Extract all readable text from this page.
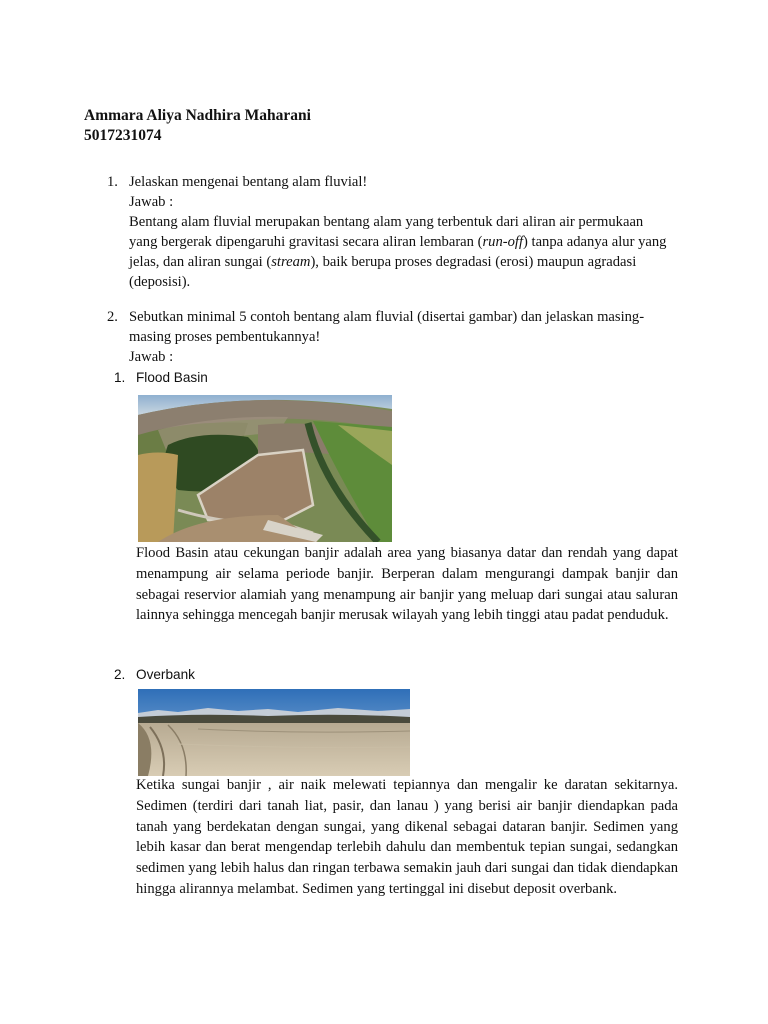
Ammara Aliya Nadhira Maharani
5017231074
1. Jelaskan mengenai bentang alam fluvial!
Jawab :
Bentang alam fluvial merupakan bentang alam yang terbentuk dari aliran air permukaan yang bergerak dipengaruhi gravitasi secara aliran lembaran (run-off) tanpa adanya alur yang jelas, dan aliran sungai (stream), baik berupa proses degradasi (erosi) maupun agradasi (deposisi).
2. Sebutkan minimal 5 contoh bentang alam fluvial (disertai gambar) dan jelaskan masing-masing proses pembentukannya!
Jawab :
1. Flood Basin
Flood Basin atau cekungan banjir adalah area yang biasanya datar dan rendah yang dapat menampung air selama periode banjir. Berperan dalam mengurangi dampak banjir dan sebagai reservior alamiah yang menampung air banjir yang meluap dari sungai atau saluran lainnya sehingga mencegah banjir merusak wilayah yang lebih tinggi atau padat penduduk.
2. Overbank
Ketika sungai banjir , air naik melewati tepiannya dan mengalir ke daratan sekitarnya. Sedimen (terdiri dari tanah liat, pasir, dan lanau ) yang berisi air banjir diendapkan pada tanah yang berdekatan dengan sungai, yang dikenal sebagai dataran banjir. Sedimen yang lebih kasar dan berat mengendap terlebih dahulu dan membentuk tepian sungai, sedangkan sedimen yang lebih halus dan ringan terbawa semakin jauh dari sungai dan tidak diendapkan hingga alirannya melambat. Sedimen yang tertinggal ini disebut deposit overbank.
